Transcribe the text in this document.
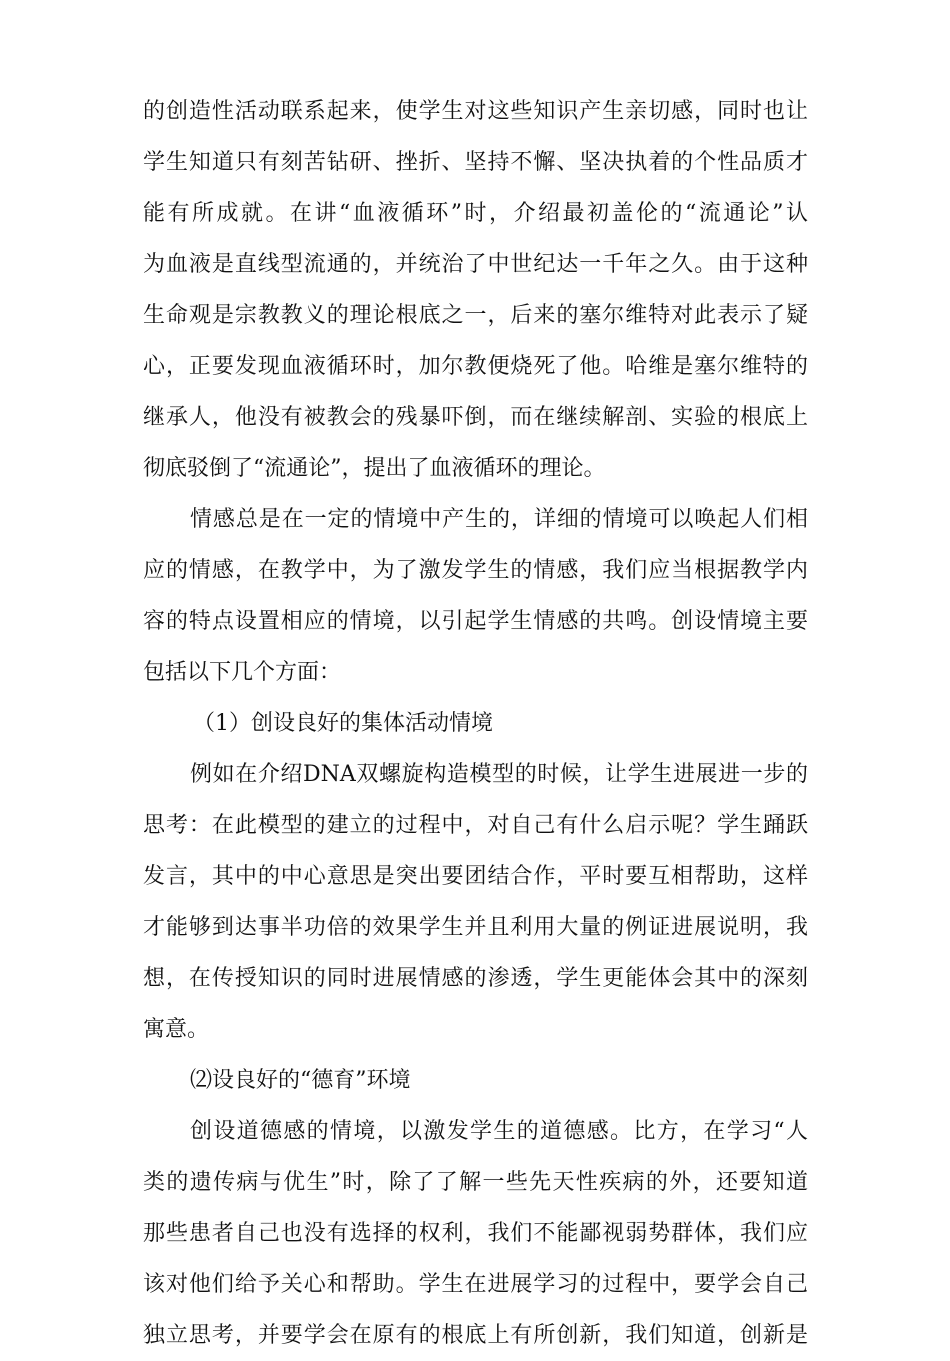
的创造性活动联系起来，使学生对这些知识产生亲切感，同时也让
学生知道只有刻苦钻研、挫折、坚持不懈、坚决执着的个性品质才
能有所成就。在讲“血液循环”时，介绍最初盖伦的“流通论”认
为血液是直线型流通的，并统治了中世纪达一千年之久。由于这种
生命观是宗教教义的理论根底之一，后来的塞尔维特对此表示了疑
心，正要发现血液循环时，加尔教便烧死了他。哈维是塞尔维特的
继承人，他没有被教会的残暴吓倒，而在继续解剖、实验的根底上
彻底驳倒了“流通论”，提出了血液循环的理论。
情感总是在一定的情境中产生的，详细的情境可以唤起人们相
应的情感，在教学中，为了激发学生的情感，我们应当根据教学内
容的特点设置相应的情境，以引起学生情感的共鸣。创设情境主要
包括以下几个方面：
（1）创设良好的集体活动情境
例如在介绍DNA双螺旋构造模型的时候，让学生进展进一步的
思考：在此模型的建立的过程中，对自己有什么启示呢？学生踊跃
发言，其中的中心意思是突出要团结合作，平时要互相帮助，这样
才能够到达事半功倍的效果学生并且利用大量的例证进展说明，我
想，在传授知识的同时进展情感的渗透，学生更能体会其中的深刻
寓意。
⑵设良好的“德育”环境
创设道德感的情境，以激发学生的道德感。比方，在学习“人
类的遗传病与优生”时，除了了解一些先天性疾病的外，还要知道
那些患者自己也没有选择的权利，我们不能鄙视弱势群体，我们应
该对他们给予关心和帮助。学生在进展学习的过程中，要学会自己
独立思考，并要学会在原有的根底上有所创新，我们知道，创新是
